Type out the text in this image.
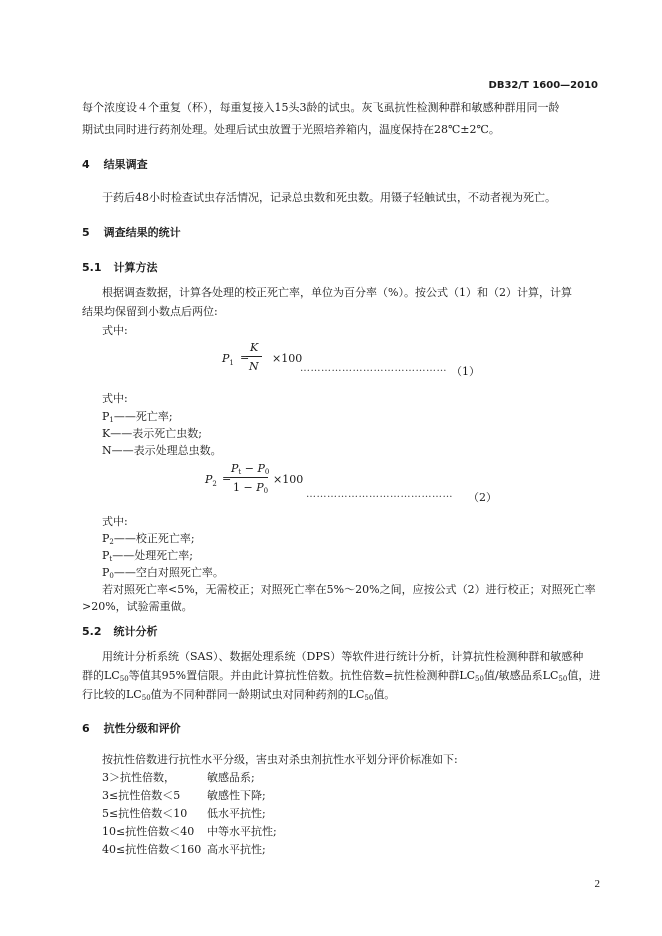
DB32/T 1600—2010
每个浓度设４个重复（杯），每重复接入15头3龄的试虫。灰飞虱抗性检测种群和敏感种群用同一龄
期试虫同时进行药剂处理。处理后试虫放置于光照培养箱内，温度保持在28℃±2℃。
4 结果调查
于药后48小时检查试虫存活情况，记录总虫数和死虫数。用镊子轻触试虫，不动者视为死亡。
5 调查结果的统计
5.1 计算方法
根据调查数据，计算各处理的校正死亡率，单位为百分率（%）。按公式（1）和（2）计算，计算
结果均保留到小数点后两位:
式中:
$P_1$ =
K
N
×100
…………………………………… （1）
式中:
P1——死亡率;
K——表示死亡虫数;
N——表示处理总虫数。
$P_2$ =
Pt − P0
1 − P0
×100
…………………………………… （2）
式中:
P2——校正死亡率;
Pt——处理死亡率;
P0——空白对照死亡率。
若对照死亡率<5%，无需校正；对照死亡率在5%～20%之间，应按公式（2）进行校正；对照死亡率
>20%，试验需重做。
5.2 统计分析
用统计分析系统（SAS）、数据处理系统（DPS）等软件进行统计分析，计算抗性检测种群和敏感种
群的LC50等值其95%置信限。并由此计算抗性倍数。抗性倍数=抗性检测种群LC50值/敏感品系LC50值，进
行比较的LC50值为不同种群同一龄期试虫对同种药剂的LC50值。
6 抗性分级和评价
按抗性倍数进行抗性水平分级，害虫对杀虫剂抗性水平划分评价标准如下:
3＞抗性倍数，	敏感品系;
3≤抗性倍数＜5 敏感性下降;
5≤抗性倍数＜10 低水平抗性;
10≤抗性倍数＜40 中等水平抗性;
40≤抗性倍数＜160 高水平抗性;
2
